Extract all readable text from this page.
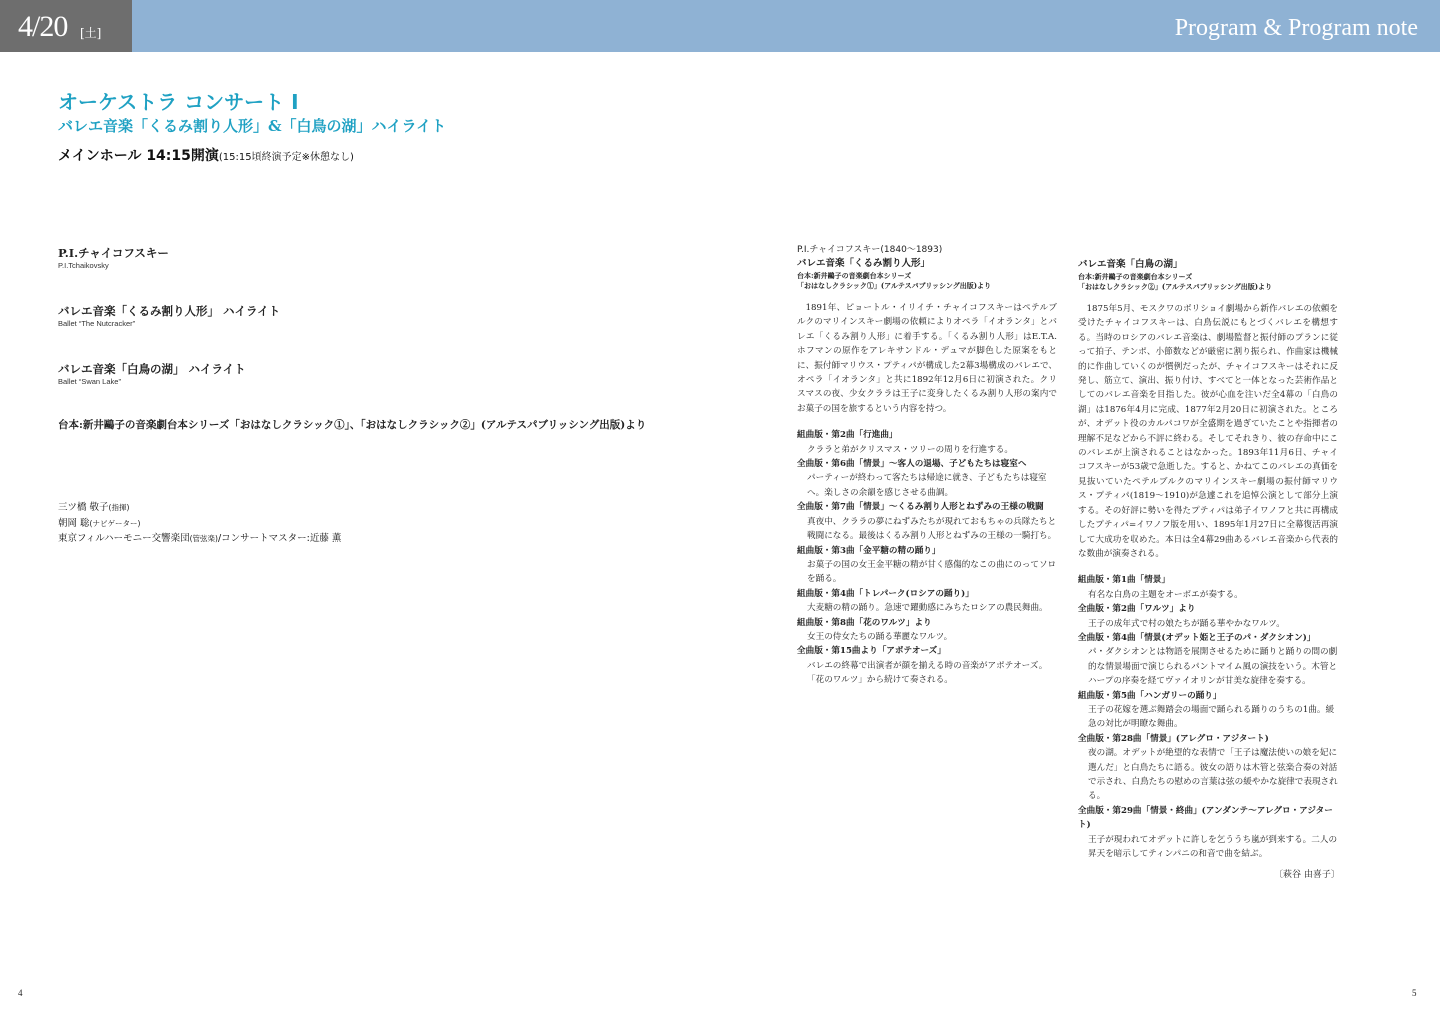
4/20 [土]	Program & Program note
オーケストラ コンサート Ⅰ
バレエ音楽「くるみ割り人形」&「白鳥の湖」ハイライト
メインホール 14:15開演(15:15頃終演予定※休憩なし)
P.I.チャイコフスキー
P.I.Tchaikovsky
バレエ音楽「くるみ割り人形」 ハイライト
Ballet “The Nutcracker”
バレエ音楽「白鳥の湖」 ハイライト
Ballet “Swan Lake”
台本:新井鷗子の音楽劇台本シリーズ「おはなしクラシック①」、「おはなしクラシック②」(アルテスパブリッシング出版)より
三ツ橋 敬子(指揮)
朝岡 聡(ナビゲーター)
東京フィルハーモニー交響楽団(管弦楽)/コンサートマスター:近藤 薫
P.I.チャイコフスキー(1840〜1893)
バレエ音楽「くるみ割り人形」
台本:新井鷗子の音楽劇台本シリーズ
「おはなしクラシック①」(アルテスパブリッシング出版)より
1891年、ピョートル・イリイチ・チャイコフスキーはペテルブルクのマリインスキー劇場の依頼によりオペラ「イオランタ」とバレエ「くるみ割り人形」に着手する。「くるみ割り人形」はE.T.A.ホフマンの原作をアレキサンドル・デュマが脚色した原案をもとに、振付師マリウス・プティパが構成した2幕3場構成のバレエで、オペラ「イオランタ」と共に1892年12月6日に初演された。クリスマスの夜、少女クララは王子に変身したくるみ割り人形の案内でお菓子の国を旅するという内容を持つ。
組曲版・第2曲「行進曲」
クララと弟がクリスマス・ツリーの周りを行進する。
全曲版・第6曲「情景」〜客人の退場、子どもたちは寝室へ
パーティーが終わって客たちは帰途に就き、子どもたちは寝室へ。楽しさの余韻を感じさせる曲調。
全曲版・第7曲「情景」〜くるみ割り人形とねずみの王様の戦闘
真夜中、クララの夢にねずみたちが現れておもちゃの兵隊たちと戦闘になる。最後はくるみ割り人形とねずみの王様の一騎打ち。
組曲版・第3曲「金平糖の精の踊り」
お菓子の国の女王金平糖の精が甘く感傷的なこの曲にのってソロを踊る。
組曲版・第4曲「トレパーク(ロシアの踊り)」
大麦糖の精の踊り。急速で躍動感にみちたロシアの農民舞曲。
組曲版・第8曲「花のワルツ」より
女王の侍女たちの踊る華麗なワルツ。
全曲版・第15曲より「アポテオーズ」
バレエの終幕で出演者が顔を揃える時の音楽がアポテオーズ。「花のワルツ」から続けて奏される。
バレエ音楽「白鳥の湖」
台本:新井鷗子の音楽劇台本シリーズ
「おはなしクラシック②」(アルテスパブリッシング出版)より
1875年5月、モスクワのボリショイ劇場から新作バレエの依頼を受けたチャイコフスキーは、白鳥伝説にもとづくバレエを構想する。当時のロシアのバレエ音楽は、劇場監督と振付師のプランに従って拍子、テンポ、小節数などが厳密に割り振られ、作曲家は機械的に作曲していくのが慣例だったが、チャイコフスキーはそれに反発し、筋立て、演出、振り付け、すべてと一体となった芸術作品としてのバレエ音楽を目指した。彼が心血を注いだ全4幕の「白鳥の湖」は1876年4月に完成、1877年2月20日に初演された。ところが、オデット役のカルパコワが全盛期を過ぎていたことや指揮者の理解不足などから不評に終わる。そしてそれきり、彼の存命中にこのバレエが上演されることはなかった。1893年11月6日、チャイコフスキーが53歳で急逝した。すると、かねてこのバレエの真価を見抜いていたペテルブルクのマリインスキー劇場の振付師マリウス・プティパ(1819〜1910)が急遽これを追悼公演として部分上演する。その好評に勢いを得たプティパは弟子イワノフと共に再構成したプティパ=イワノフ版を用い、1895年1月27日に全幕復活再演して大成功を収めた。本日は全4幕29曲あるバレエ音楽から代表的な数曲が演奏される。
組曲版・第1曲「情景」
有名な白鳥の主題をオーボエが奏する。
全曲版・第2曲「ワルツ」より
王子の成年式で村の娘たちが踊る華やかなワルツ。
全曲版・第4曲「情景(オデット姫と王子のパ・ダクシオン)」
パ・ダクシオンとは物語を展開させるために踊りと踊りの間の劇的な情景場面で演じられるパントマイム風の演技をいう。木管とハープの序奏を経てヴァイオリンが甘美な旋律を奏する。
組曲版・第5曲「ハンガリーの踊り」
王子の花嫁を選ぶ舞踏会の場面で踊られる踊りのうちの1曲。緩急の対比が明瞭な舞曲。
全曲版・第28曲「情景」(アレグロ・アジタート)
夜の湖。オデットが絶望的な表情で「王子は魔法使いの娘を妃に選んだ」と白鳥たちに語る。彼女の語りは木管と弦楽合奏の対話で示され、白鳥たちの慰めの言葉は弦の緩やかな旋律で表現される。
全曲版・第29曲「情景・終曲」(アンダンテ〜アレグロ・アジタート)
王子が現われてオデットに許しを乞ううち嵐が到来する。二人の昇天を暗示してティンパニの和音で曲を結ぶ。
〔萩谷 由喜子〕
4	5
